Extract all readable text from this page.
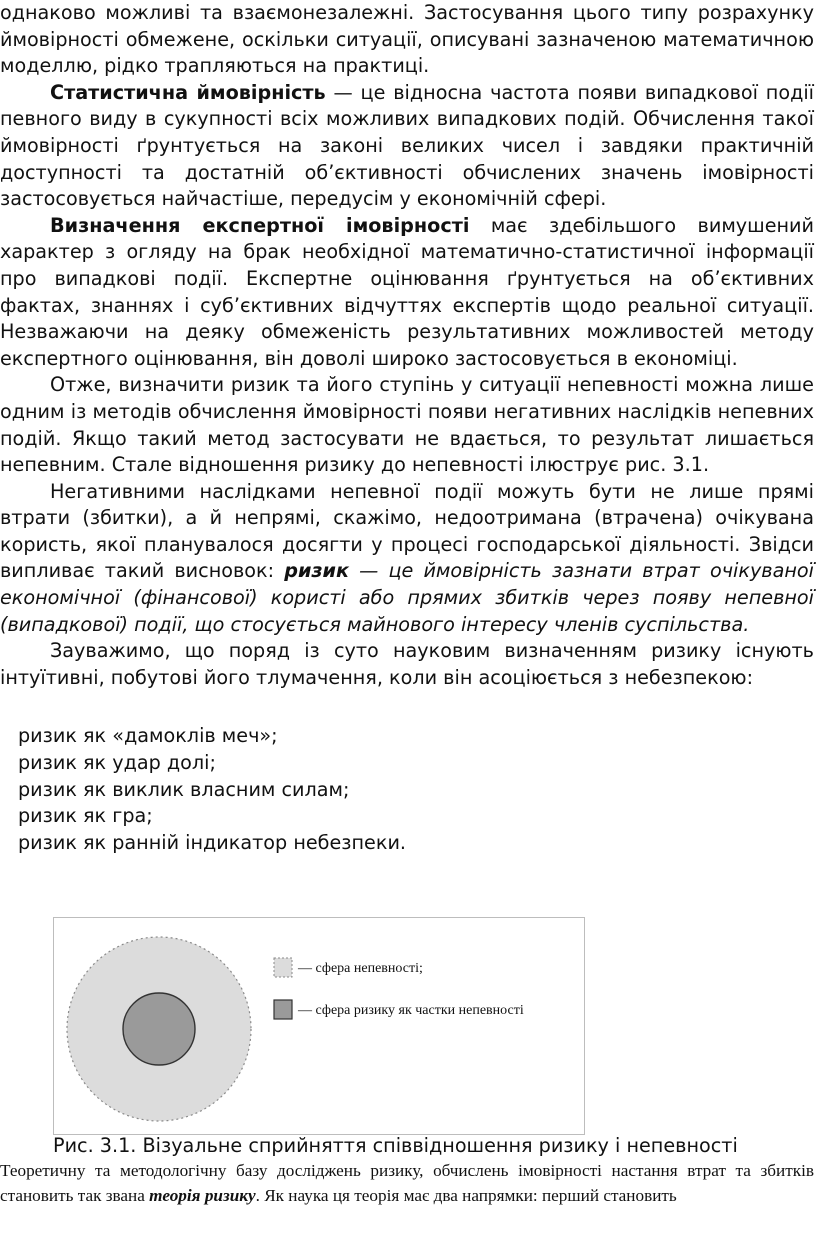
однаково можливі та взаємонезалежні. Застосування цього типу розрахунку ймовірності обмежене, оскільки ситуації, описувані зазначеною математичною моделлю, рідко трапляються на практиці.

Статистична ймовірність — це відносна частота появи випадкової події певного виду в сукупності всіх можливих випадкових подій. Обчислення такої ймовірності ґрунтується на законі великих чисел і завдяки практичній доступності та достатній об’єктивності обчислених значень імовірності застосовується найчастіше, передусім у економічній сфері.

Визначення експертної імовірності має здебільшого вимушений характер з огляду на брак необхідної математично-статистичної інформації про випадкові події. Експертне оцінювання ґрунтується на об’єктивних фактах, знаннях і суб’єктивних відчуттях експертів щодо реальної ситуації. Незважаючи на деяку обмеженість результативних можливостей методу експертного оцінювання, він доволі широко застосовується в економіці.

Отже, визначити ризик та його ступінь у ситуації непевності можна лише одним із методів обчислення ймовірності появи негативних наслідків непевних подій. Якщо такий метод застосувати не вдається, то результат лишається непевним. Стале відношення ризику до непевності ілюструє рис. 3.1.

Негативними наслідками непевної події можуть бути не лише прямі втрати (збитки), а й непрямі, скажімо, недоотримана (втрачена) очікувана користь, якої планувалося досягти у процесі господарської діяльності. Звідси випливає такий висновок: ризик — це ймовірність зазнати втрат очікуваної економічної (фінансової) користі або прямих збитків через появу непевної (випадкової) події, що стосується майнового інтересу членів суспільства.

Зауважимо, що поряд із суто науковим визначенням ризику існують інтуїтивні, побутові його тлумачення, коли він асоціюється з небезпекою:

ризик як «дамоклів меч»;
ризик як удар долі;
ризик як виклик власним силам;
ризик як гра;
ризик як ранній індикатор небезпеки.
— сфера непевності;
— сфера ризику як частки непевності
Рис. 3.1. Візуальне сприйняття співвідношення ризику і непевності

Теоретичну та методологічну базу досліджень ризику, обчислень імовірності настання втрат та збитків становить так звана теорія ризику. Як наука ця теорія має два напрямки: перший становить
